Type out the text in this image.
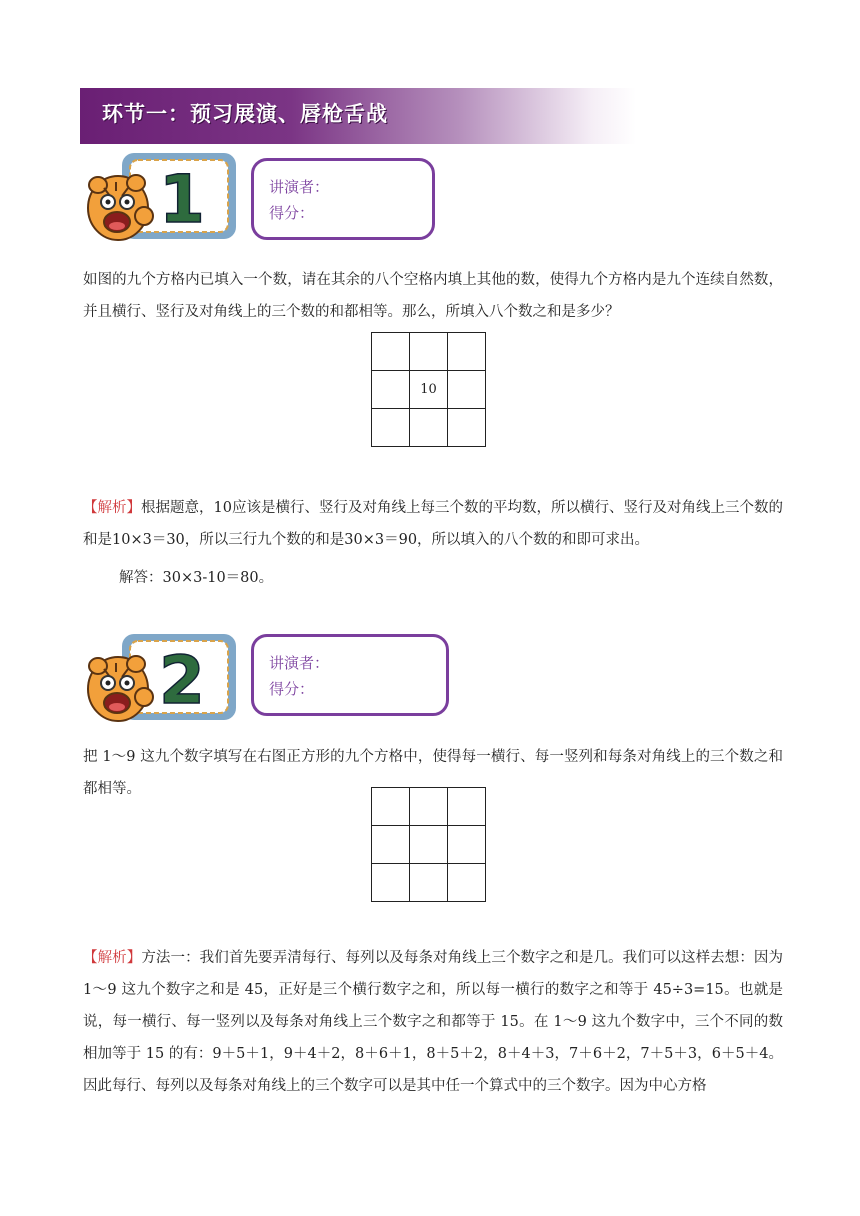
环节一：预习展演、唇枪舌战
1	讲演者：
得分：
如图的九个方格内已填入一个数，请在其余的八个空格内填上其他的数，使得九个方格内是九个连续自然数，并且横行、竖行及对角线上的三个数的和都相等。那么，所填入八个数之和是多少？

	10	

【解析】根据题意，10应该是横行、竖行及对角线上每三个数的平均数，所以横行、竖行及对角线上三个数的和是10×3＝30，所以三行九个数的和是30×3＝90，所以填入的八个数的和即可求出。
解答：30×3-10＝80。
2	讲演者：
得分：
把 1～9 这九个数字填写在右图正方形的九个方格中，使得每一横行、每一竖列和每条对角线上的三个数之和都相等。

【解析】方法一：我们首先要弄清每行、每列以及每条对角线上三个数字之和是几。我们可以这样去想：因为 1～9 这九个数字之和是 45，正好是三个横行数字之和，所以每一横行的数字之和等于 45÷3=15。也就是说，每一横行、每一竖列以及每条对角线上三个数字之和都等于 15。在 1～9 这九个数字中，三个不同的数相加等于 15 的有：9＋5＋1，9＋4＋2，8＋6＋1，8＋5＋2，8＋4＋3，7＋6＋2，7＋5＋3，6＋5＋4。因此每行、每列以及每条对角线上的三个数字可以是其中任一个算式中的三个数字。因为中心方格
